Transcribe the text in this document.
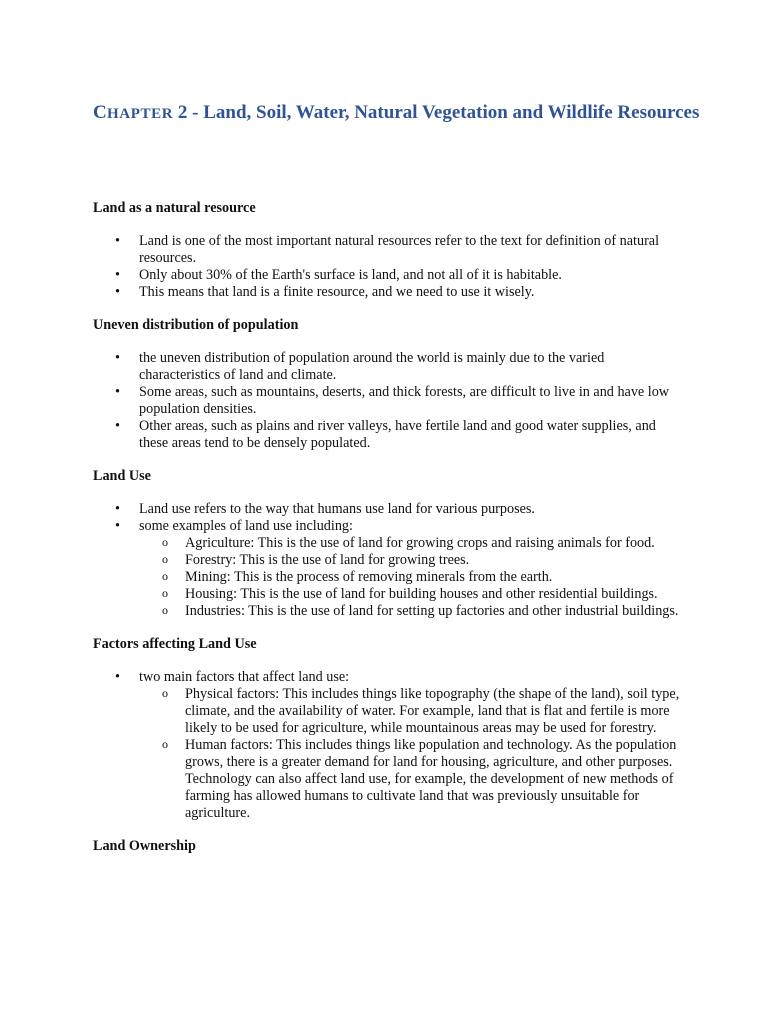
CHAPTER 2 - Land, Soil, Water, Natural Vegetation and Wildlife Resources

Land as a natural resource

• Land is one of the most important natural resources refer to the text for definition of natural resources.
• Only about 30% of the Earth's surface is land, and not all of it is habitable.
• This means that land is a finite resource, and we need to use it wisely.

Uneven distribution of population

• the uneven distribution of population around the world is mainly due to the varied characteristics of land and climate.
• Some areas, such as mountains, deserts, and thick forests, are difficult to live in and have low population densities.
• Other areas, such as plains and river valleys, have fertile land and good water supplies, and these areas tend to be densely populated.

Land Use

• Land use refers to the way that humans use land for various purposes.
• some examples of land use including:
o Agriculture: This is the use of land for growing crops and raising animals for food.
o Forestry: This is the use of land for growing trees.
o Mining: This is the process of removing minerals from the earth.
o Housing: This is the use of land for building houses and other residential buildings.
o Industries: This is the use of land for setting up factories and other industrial buildings.

Factors affecting Land Use

• two main factors that affect land use:
o Physical factors: This includes things like topography (the shape of the land), soil type, climate, and the availability of water. For example, land that is flat and fertile is more likely to be used for agriculture, while mountainous areas may be used for forestry.
o Human factors: This includes things like population and technology. As the population grows, there is a greater demand for land for housing, agriculture, and other purposes. Technology can also affect land use, for example, the development of new methods of farming has allowed humans to cultivate land that was previously unsuitable for agriculture.

Land Ownership
